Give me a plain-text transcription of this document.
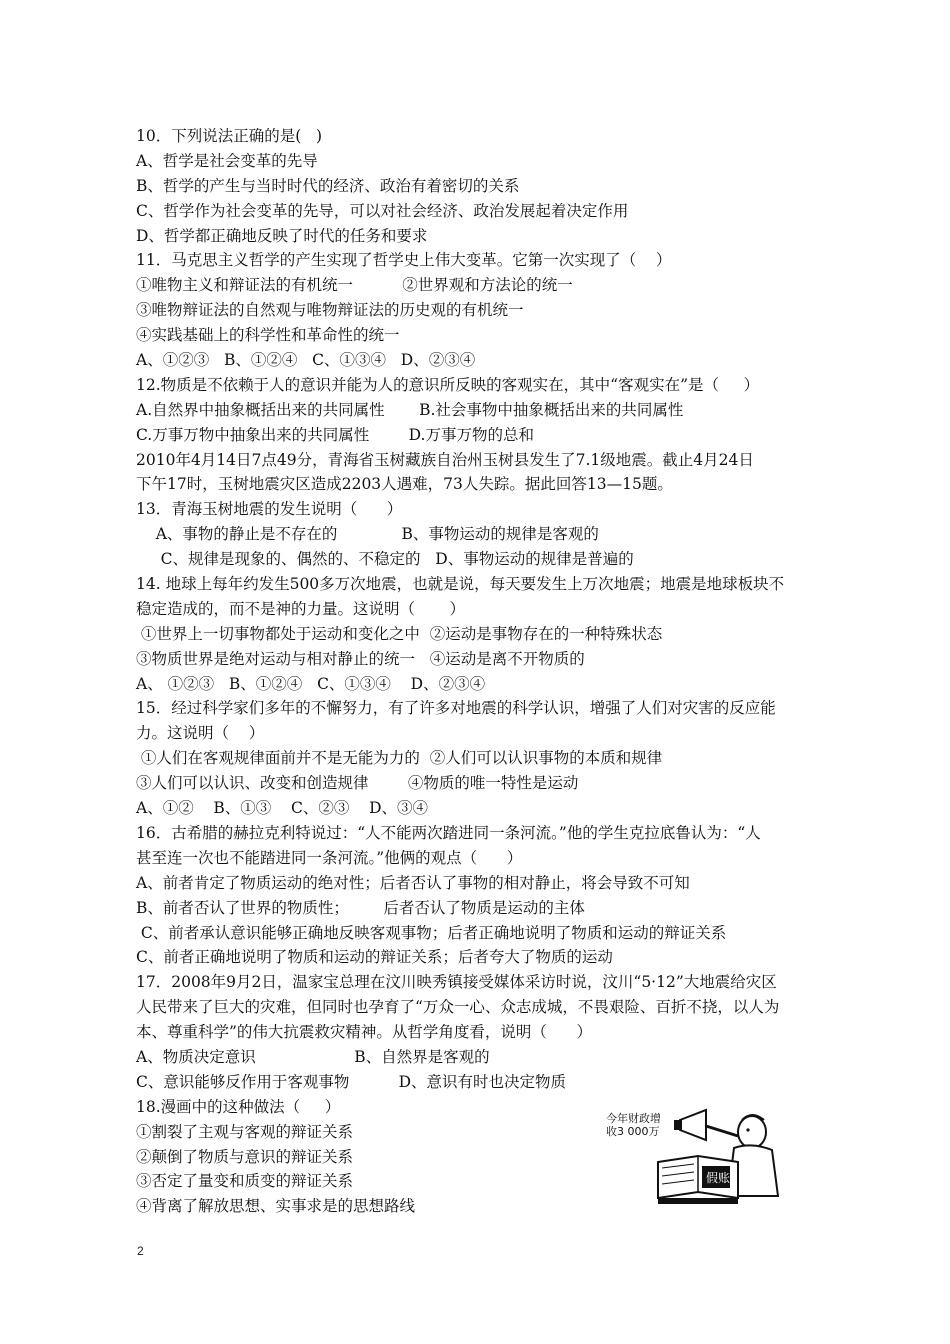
10．下列说法正确的是(   )
A、哲学是社会变革的先导
B、哲学的产生与当时时代的经济、政治有着密切的关系
C、哲学作为社会变革的先导，可以对社会经济、政治发展起着决定作用
D、哲学都正确地反映了时代的任务和要求
11．马克思主义哲学的产生实现了哲学史上伟大变革。它第一次实现了（    ）
①唯物主义和辩证法的有机统一          ②世界观和方法论的统一
③唯物辩证法的自然观与唯物辩证法的历史观的有机统一
④实践基础上的科学性和革命性的统一
A、①②③   B、①②④   C、①③④   D、②③④
12.物质是不依赖于人的意识并能为人的意识所反映的客观实在，其中“客观实在”是（     ）
A.自然界中抽象概括出来的共同属性       B.社会事物中抽象概括出来的共同属性
C.万事万物中抽象出来的共同属性        D.万事万物的总和
2010年4月14日7点49分，青海省玉树藏族自治州玉树县发生了7.1级地震。截止4月24日
下午17时，玉树地震灾区造成2203人遇难，73人失踪。据此回答13—15题。
13．青海玉树地震的发生说明（      ）
A、事物的静止是不存在的             B、事物运动的规律是客观的
C、规律是现象的、偶然的、不稳定的   D、事物运动的规律是普遍的
14. 地球上每年约发生500多万次地震，也就是说，每天要发生上万次地震；地震是地球板块不
稳定造成的，而不是神的力量。这说明（       ）
①世界上一切事物都处于运动和变化之中  ②运动是事物存在的一种特殊状态
③物质世界是绝对运动与相对静止的统一   ④运动是离不开物质的
A、 ①②③   B、①②④   C、①③④    D、②③④
15．经过科学家们多年的不懈努力，有了许多对地震的科学认识，增强了人们对灾害的反应能
力。这说明（    ）
①人们在客观规律面前并不是无能为力的  ②人们可以认识事物的本质和规律
③人们可以认识、改变和创造规律        ④物质的唯一特性是运动
A、①②    B、①③    C、②③    D、③④
16．古希腊的赫拉克利特说过：“人不能两次踏进同一条河流。”他的学生克拉底鲁认为：“人
甚至连一次也不能踏进同一条河流。”他俩的观点（      ）
A、前者肯定了物质运动的绝对性；后者否认了事物的相对静止，将会导致不可知
B、前者否认了世界的物质性；       后者否认了物质是运动的主体
C、前者承认意识能够正确地反映客观事物；后者正确地说明了物质和运动的辩证关系
C、前者正确地说明了物质和运动的辩证关系；后者夸大了物质的运动
17．2008年9月2日，温家宝总理在汶川映秀镇接受媒体采访时说，汶川“5·12”大地震给灾区
人民带来了巨大的灾难，但同时也孕育了“万众一心、众志成城，不畏艰险、百折不挠，以人为
本、尊重科学”的伟大抗震救灾精神。从哲学角度看，说明（      ）
A、物质决定意识                    B、自然界是客观的
C、意识能够反作用于客观事物          D、意识有时也决定物质
18.漫画中的这种做法（     ）
①割裂了主观与客观的辩证关系
②颠倒了物质与意识的辩证关系
③否定了量变和质变的辩证关系
④背离了解放思想、实事求是的思想路线
今年财政增
收3 000万
假账
2
